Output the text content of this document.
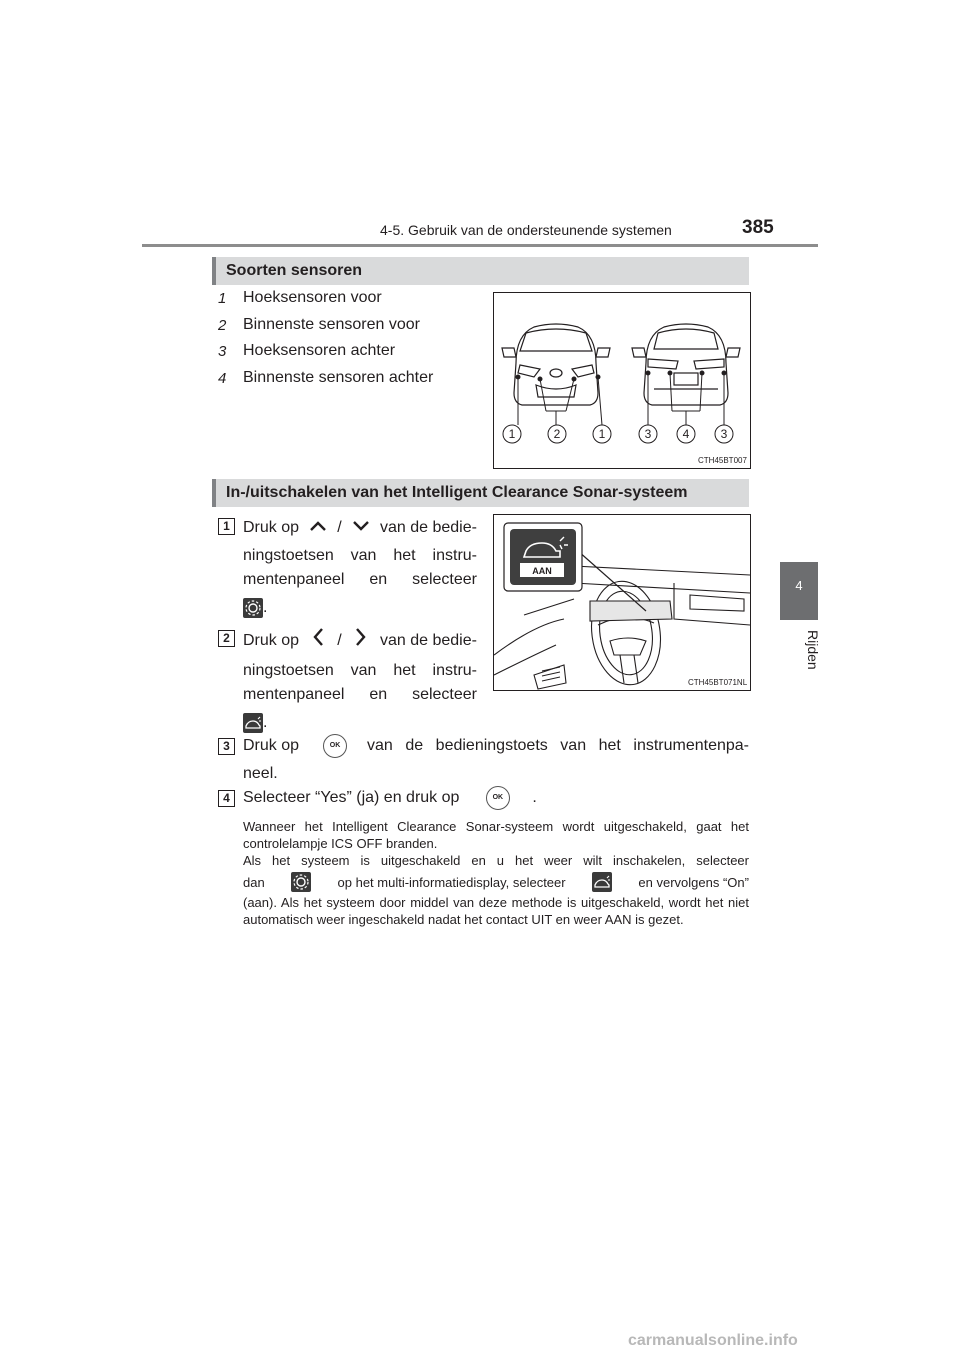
4-5. Gebruik van de ondersteunende systemen	385
4
Rijden
Soorten sensoren
1	Hoeksensoren voor
2	Binnenste sensoren voor
3	Hoeksensoren achter
4	Binnenste sensoren achter
1	2	1	3	4	3
CTH45BT007
In-/uitschakelen van het Intelligent Clearance Sonar-systeem
AAN
CTH45BT071NL
1 Druk op / van de bedie-
ningstoetsen van het instru-
mentenpaneel en selecteer
.
2 Druk op / van de bedie-
ningstoetsen van het instru-
mentenpaneel en selecteer
.
3 Druk op	OK	van de bedieningstoets van het instrumentenpa-
neel.
4 Selecteer “Yes” (ja) en druk op	OK .
Wanneer het Intelligent Clearance Sonar-systeem wordt uitgeschakeld, gaat het controlelampje ICS OFF branden.
Als het systeem is uitgeschakeld en u het weer wilt inschakelen, selecteer
dan	op het multi-informatiedisplay, selecteer	en vervolgens “On”
(aan). Als het systeem door middel van deze methode is uitgeschakeld, wordt het niet automatisch weer ingeschakeld nadat het contact UIT en weer AAN is gezet.
carmanualsonline.info
